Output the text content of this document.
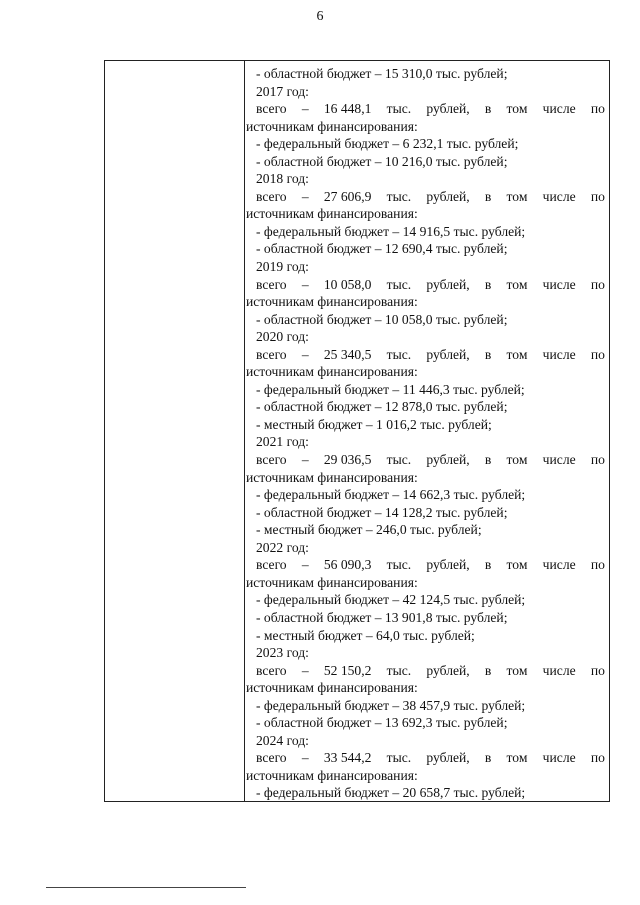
6
- областной бюджет – 15 310,0 тыс. рублей;
2017 год:
всего – 16 448,1 тыс. рублей, в том числе по
источникам финансирования:
- федеральный бюджет – 6 232,1 тыс. рублей;
- областной бюджет – 10 216,0 тыс. рублей;
2018 год:
всего – 27 606,9 тыс. рублей, в том числе по
источникам финансирования:
- федеральный бюджет – 14 916,5 тыс. рублей;
- областной бюджет – 12 690,4 тыс. рублей;
2019 год:
всего – 10 058,0 тыс. рублей, в том числе по
источникам финансирования:
- областной бюджет – 10 058,0 тыс. рублей;
2020 год:
всего – 25 340,5 тыс. рублей, в том числе по
источникам финансирования:
- федеральный бюджет – 11 446,3 тыс. рублей;
- областной бюджет – 12 878,0 тыс. рублей;
- местный бюджет – 1 016,2 тыс. рублей;
2021 год:
всего – 29 036,5 тыс. рублей, в том числе по
источникам финансирования:
- федеральный бюджет – 14 662,3 тыс. рублей;
- областной бюджет – 14 128,2 тыс. рублей;
- местный бюджет – 246,0 тыс. рублей;
2022 год:
всего – 56 090,3 тыс. рублей, в том числе по
источникам финансирования:
- федеральный бюджет – 42 124,5 тыс. рублей;
- областной бюджет – 13 901,8 тыс. рублей;
- местный бюджет – 64,0 тыс. рублей;
2023 год:
всего – 52 150,2 тыс. рублей, в том числе по
источникам финансирования:
- федеральный бюджет – 38 457,9 тыс. рублей;
- областной бюджет – 13 692,3 тыс. рублей;
2024 год:
всего – 33 544,2 тыс. рублей, в том числе по
источникам финансирования:
- федеральный бюджет – 20 658,7 тыс. рублей;
